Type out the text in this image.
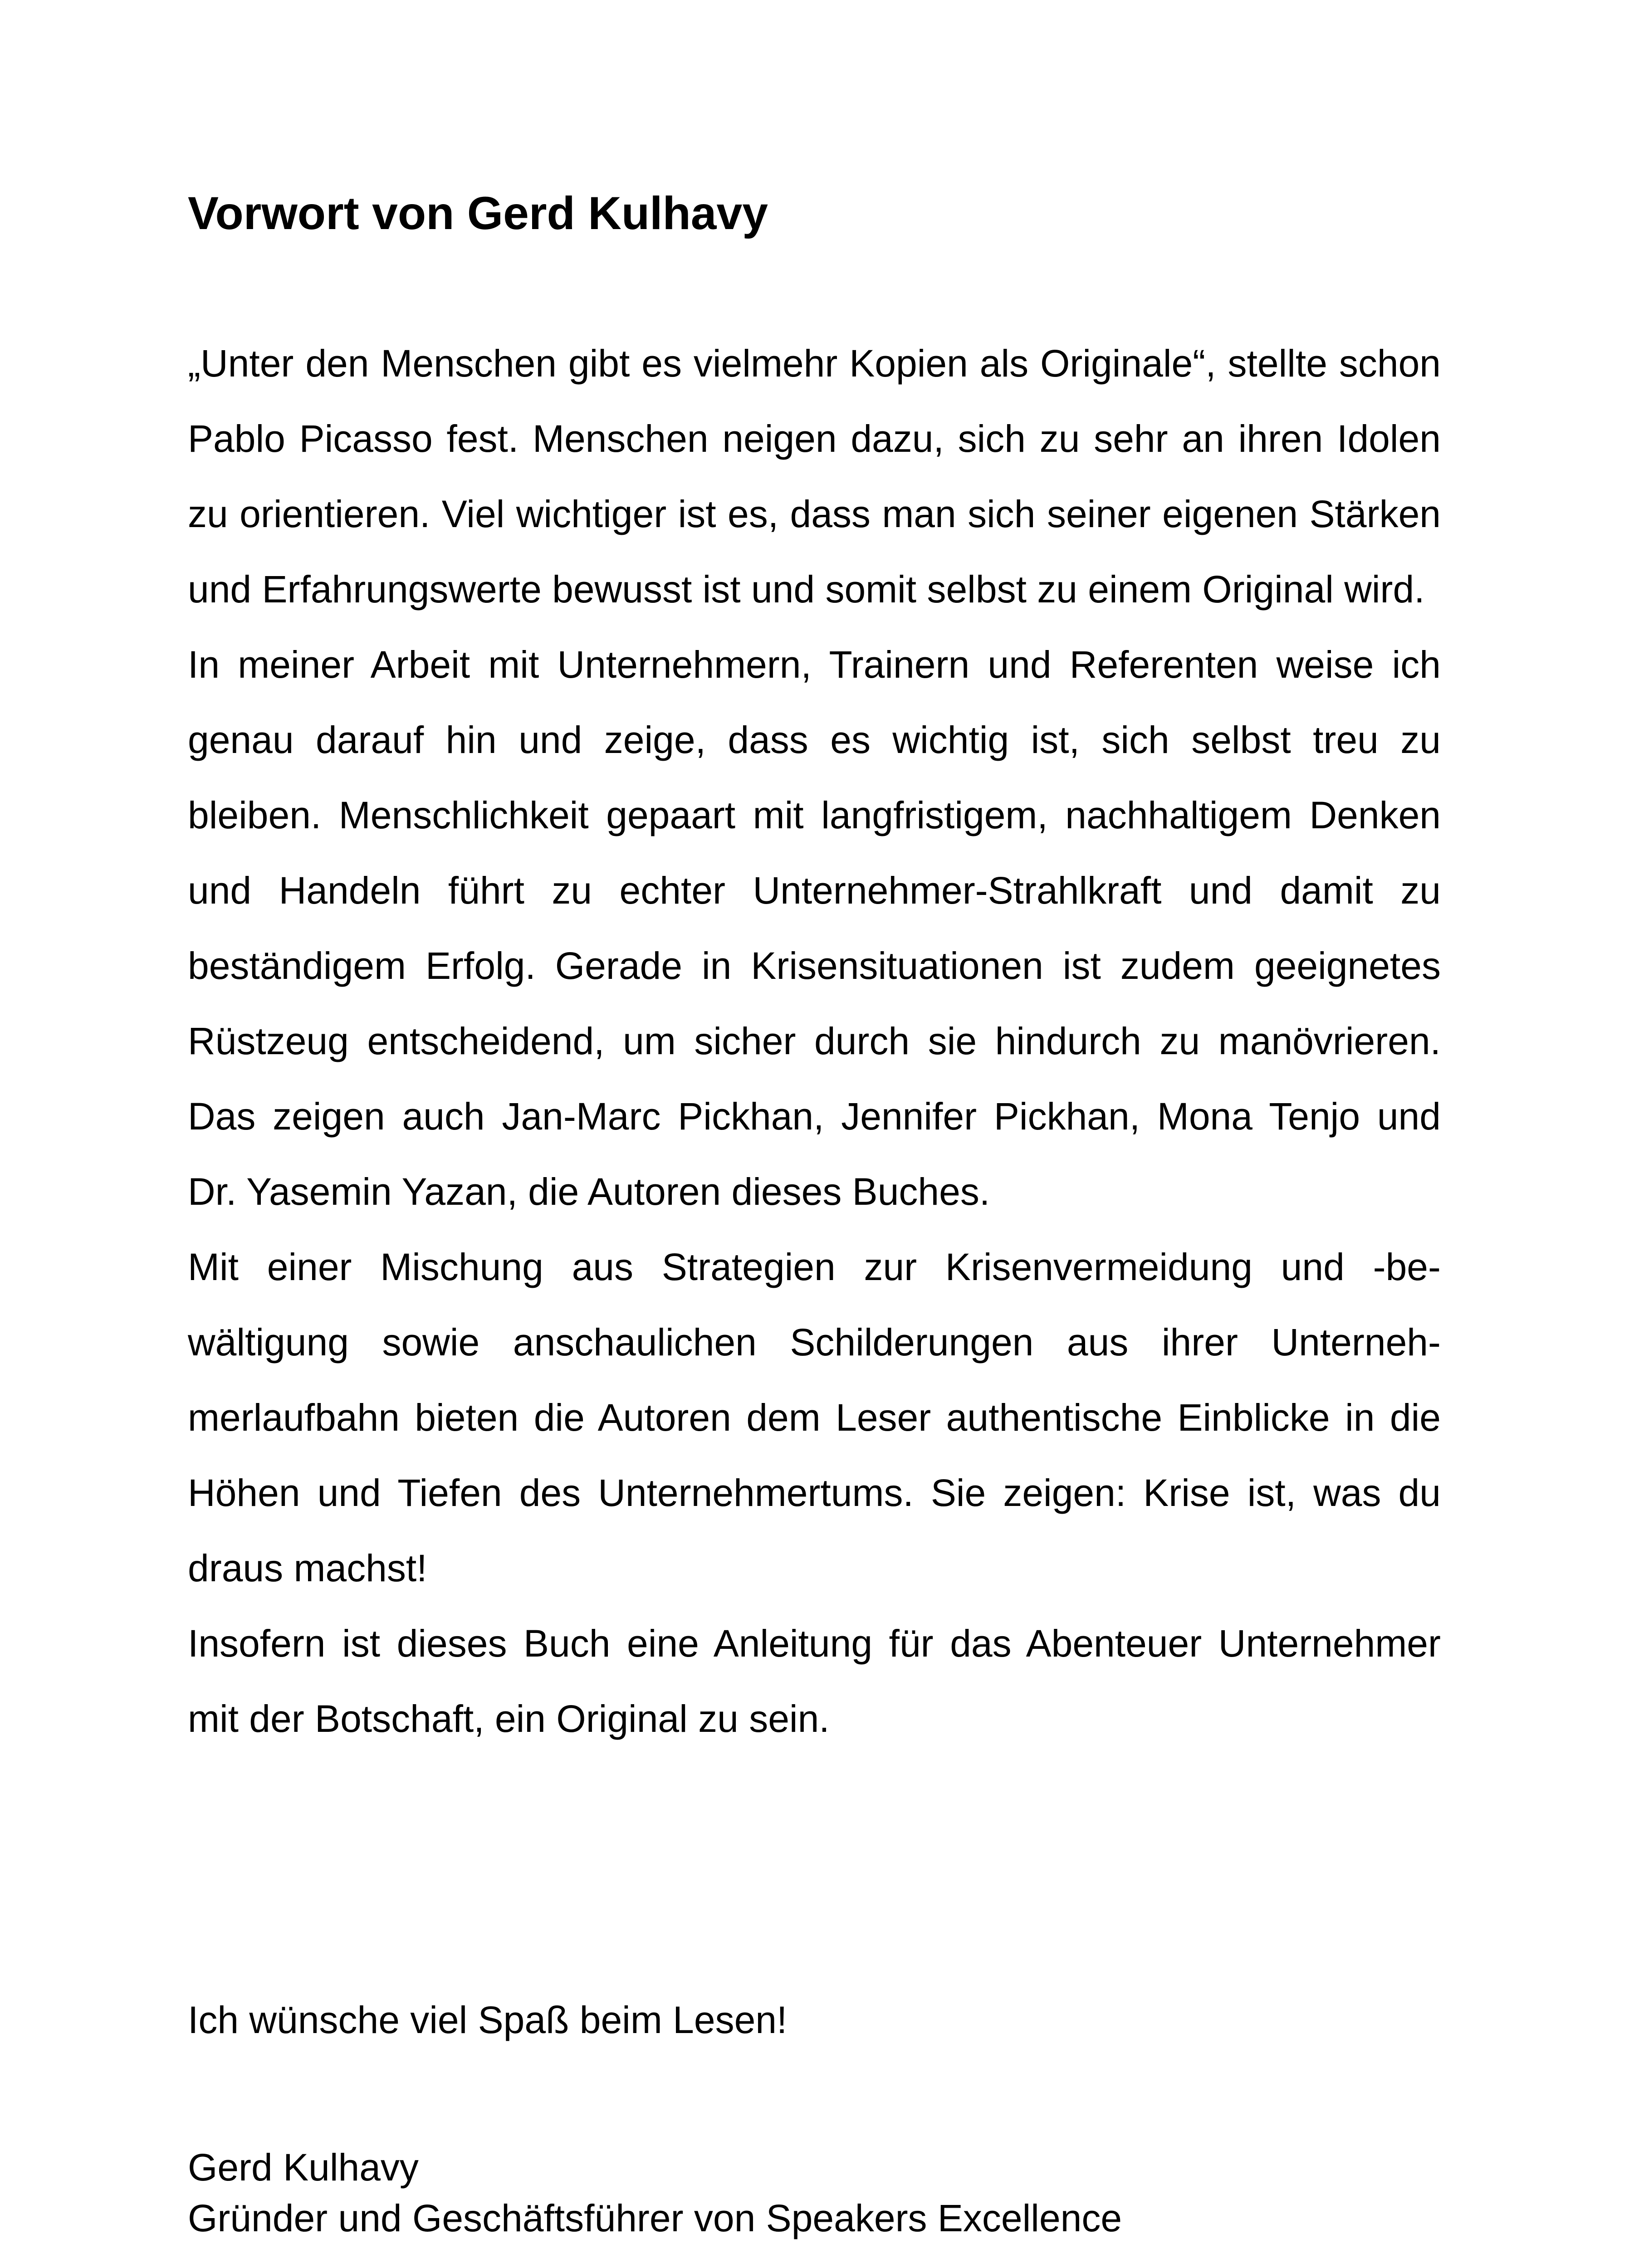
Vorwort von Gerd Kulhavy

„Unter den Menschen gibt es vielmehr Kopien als Originale“, stellte schon Pablo Picasso fest. Menschen neigen dazu, sich zu sehr an ihren Idolen zu orientieren. Viel wichtiger ist es, dass man sich seiner eigenen Stärken und Erfahrungswerte bewusst ist und somit selbst zu einem Original wird.

In meiner Arbeit mit Unternehmern, Trainern und Referenten weise ich genau darauf hin und zeige, dass es wichtig ist, sich selbst treu zu bleiben. Menschlichkeit gepaart mit langfristigem, nachhaltigem Denken und Handeln führt zu echter Unternehmer-Strahlkraft und damit zu beständigem Erfolg. Gerade in Krisensituationen ist zudem geeignetes Rüstzeug entscheidend, um sicher durch sie hindurch zu manövrieren. Das zeigen auch Jan-Marc Pickhan, Jennifer Pickhan, Mona Tenjo und Dr. Yasemin Yazan, die Autoren dieses Buches.

Mit einer Mischung aus Strategien zur Krisenvermeidung und -bewältigung sowie anschaulichen Schilderungen aus ihrer Unternehmerlaufbahn bieten die Autoren dem Leser authentische Einblicke in die Höhen und Tiefen des Unternehmertums. Sie zeigen: Krise ist, was du draus machst!

Insofern ist dieses Buch eine Anleitung für das Abenteuer Unternehmer mit der Botschaft, ein Original zu sein.

Ich wünsche viel Spaß beim Lesen!

Gerd Kulhavy
Gründer und Geschäftsführer von Speakers Excellence
